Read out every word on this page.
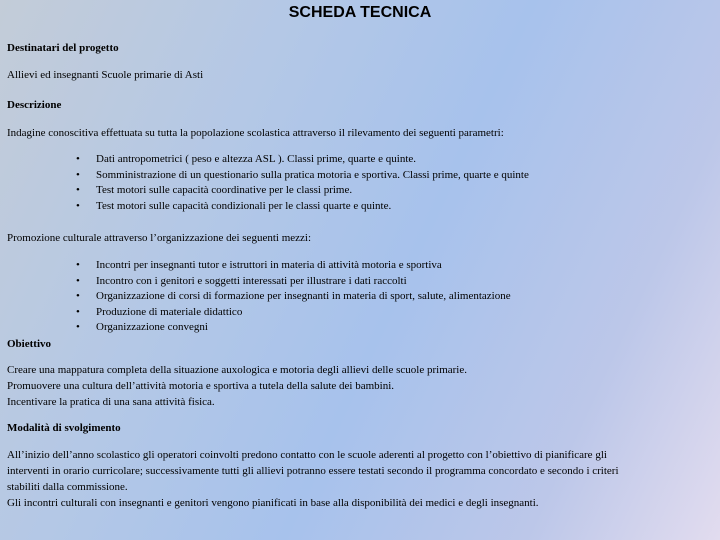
SCHEDA TECNICA
Destinatari del progetto
Allievi ed insegnanti Scuole primarie di Asti
Descrizione
Indagine conoscitiva effettuata su tutta la popolazione scolastica attraverso il rilevamento dei seguenti parametri:
• Dati antropometrici ( peso e altezza ASL ). Classi prime, quarte e quinte.
• Somministrazione di un questionario sulla pratica motoria e sportiva. Classi prime, quarte e quinte
• Test motori sulle capacità coordinative per le classi prime.
• Test motori sulle capacità condizionali per le classi quarte e quinte.
Promozione culturale attraverso l’organizzazione dei seguenti mezzi:
• Incontri per insegnanti tutor e istruttori in materia di attività motoria e sportiva
• Incontro con i genitori e soggetti interessati per illustrare i dati raccolti
• Organizzazione di corsi di formazione per insegnanti in materia di sport, salute, alimentazione
• Produzione di materiale didattico
• Organizzazione convegni
Obiettivo
Creare una mappatura completa della situazione auxologica e motoria degli allievi delle scuole primarie.
Promuovere una cultura dell’attività motoria e sportiva a tutela della salute dei bambini.
Incentivare la pratica di una sana attività fisica.
Modalità di svolgimento
All’inizio dell’anno scolastico gli operatori coinvolti predono contatto con le scuole aderenti al progetto con l’obiettivo di pianificare gli
interventi in orario curricolare; successivamente tutti gli allievi potranno essere testati secondo il programma concordato e secondo i criteri
stabiliti dalla commissione.
Gli incontri culturali con insegnanti e genitori vengono pianificati in base alla disponibilità dei medici e degli insegnanti.
